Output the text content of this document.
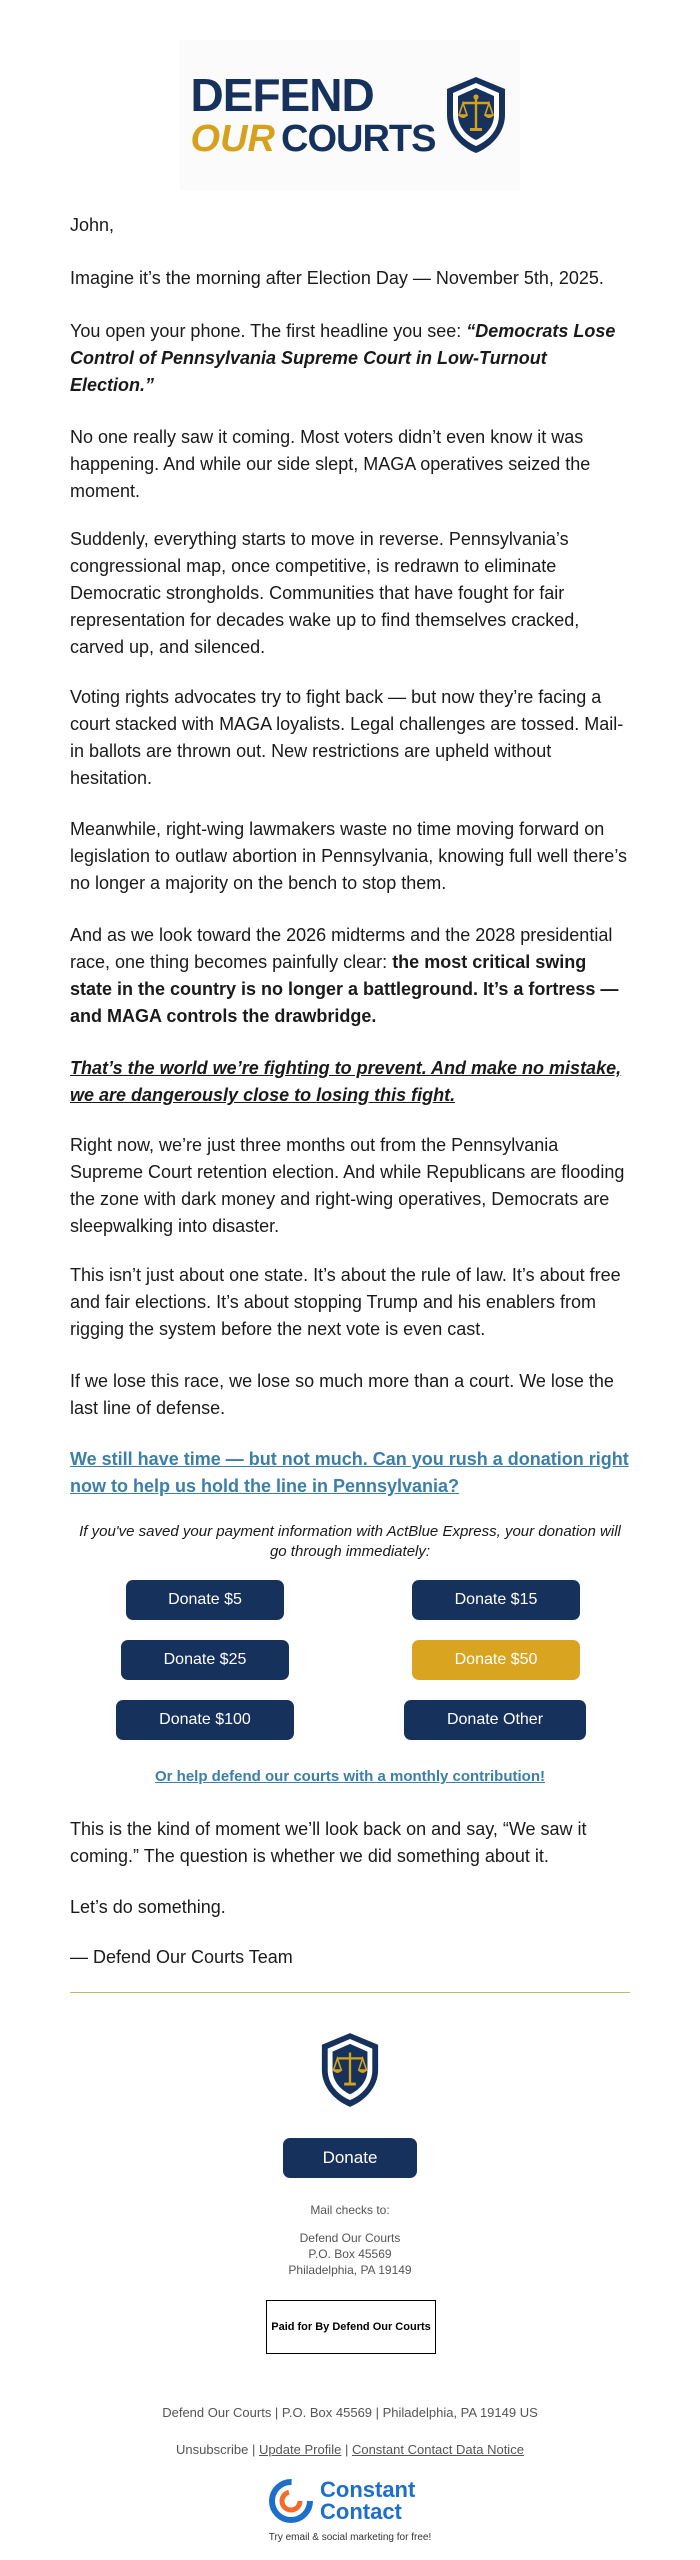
DEFEND
OUR COURTS
John,
Imagine it’s the morning after Election Day — November 5th, 2025.
You open your phone. The first headline you see: “Democrats Lose Control of Pennsylvania Supreme Court in Low-Turnout Election.”
No one really saw it coming. Most voters didn’t even know it was happening. And while our side slept, MAGA operatives seized the moment.
Suddenly, everything starts to move in reverse. Pennsylvania’s congressional map, once competitive, is redrawn to eliminate Democratic strongholds. Communities that have fought for fair representation for decades wake up to find themselves cracked, carved up, and silenced.
Voting rights advocates try to fight back — but now they’re facing a court stacked with MAGA loyalists. Legal challenges are tossed. Mail-in ballots are thrown out. New restrictions are upheld without hesitation.
Meanwhile, right-wing lawmakers waste no time moving forward on legislation to outlaw abortion in Pennsylvania, knowing full well there’s no longer a majority on the bench to stop them.
And as we look toward the 2026 midterms and the 2028 presidential race, one thing becomes painfully clear: the most critical swing state in the country is no longer a battleground. It’s a fortress — and MAGA controls the drawbridge.
That’s the world we’re fighting to prevent. And make no mistake, we are dangerously close to losing this fight.
Right now, we’re just three months out from the Pennsylvania Supreme Court retention election. And while Republicans are flooding the zone with dark money and right-wing operatives, Democrats are sleepwalking into disaster.
This isn’t just about one state. It’s about the rule of law. It’s about free and fair elections. It’s about stopping Trump and his enablers from rigging the system before the next vote is even cast.
If we lose this race, we lose so much more than a court. We lose the last line of defense.
We still have time — but not much. Can you rush a donation right now to help us hold the line in Pennsylvania?
If you've saved your payment information with ActBlue Express, your donation will go through immediately:
Donate $5	Donate $15
Donate $25	Donate $50
Donate $100	Donate Other
Or help defend our courts with a monthly contribution!
This is the kind of moment we’ll look back on and say, “We saw it coming.” The question is whether we did something about it.
Let’s do something.
— Defend Our Courts Team
Donate
Mail checks to:
Defend Our Courts
P.O. Box 45569
Philadelphia, PA 19149
Paid for By Defend Our Courts
Defend Our Courts | P.O. Box 45569 | Philadelphia, PA 19149 US
Unsubscribe | Update Profile | Constant Contact Data Notice
Constant
Contact
Try email & social marketing for free!
